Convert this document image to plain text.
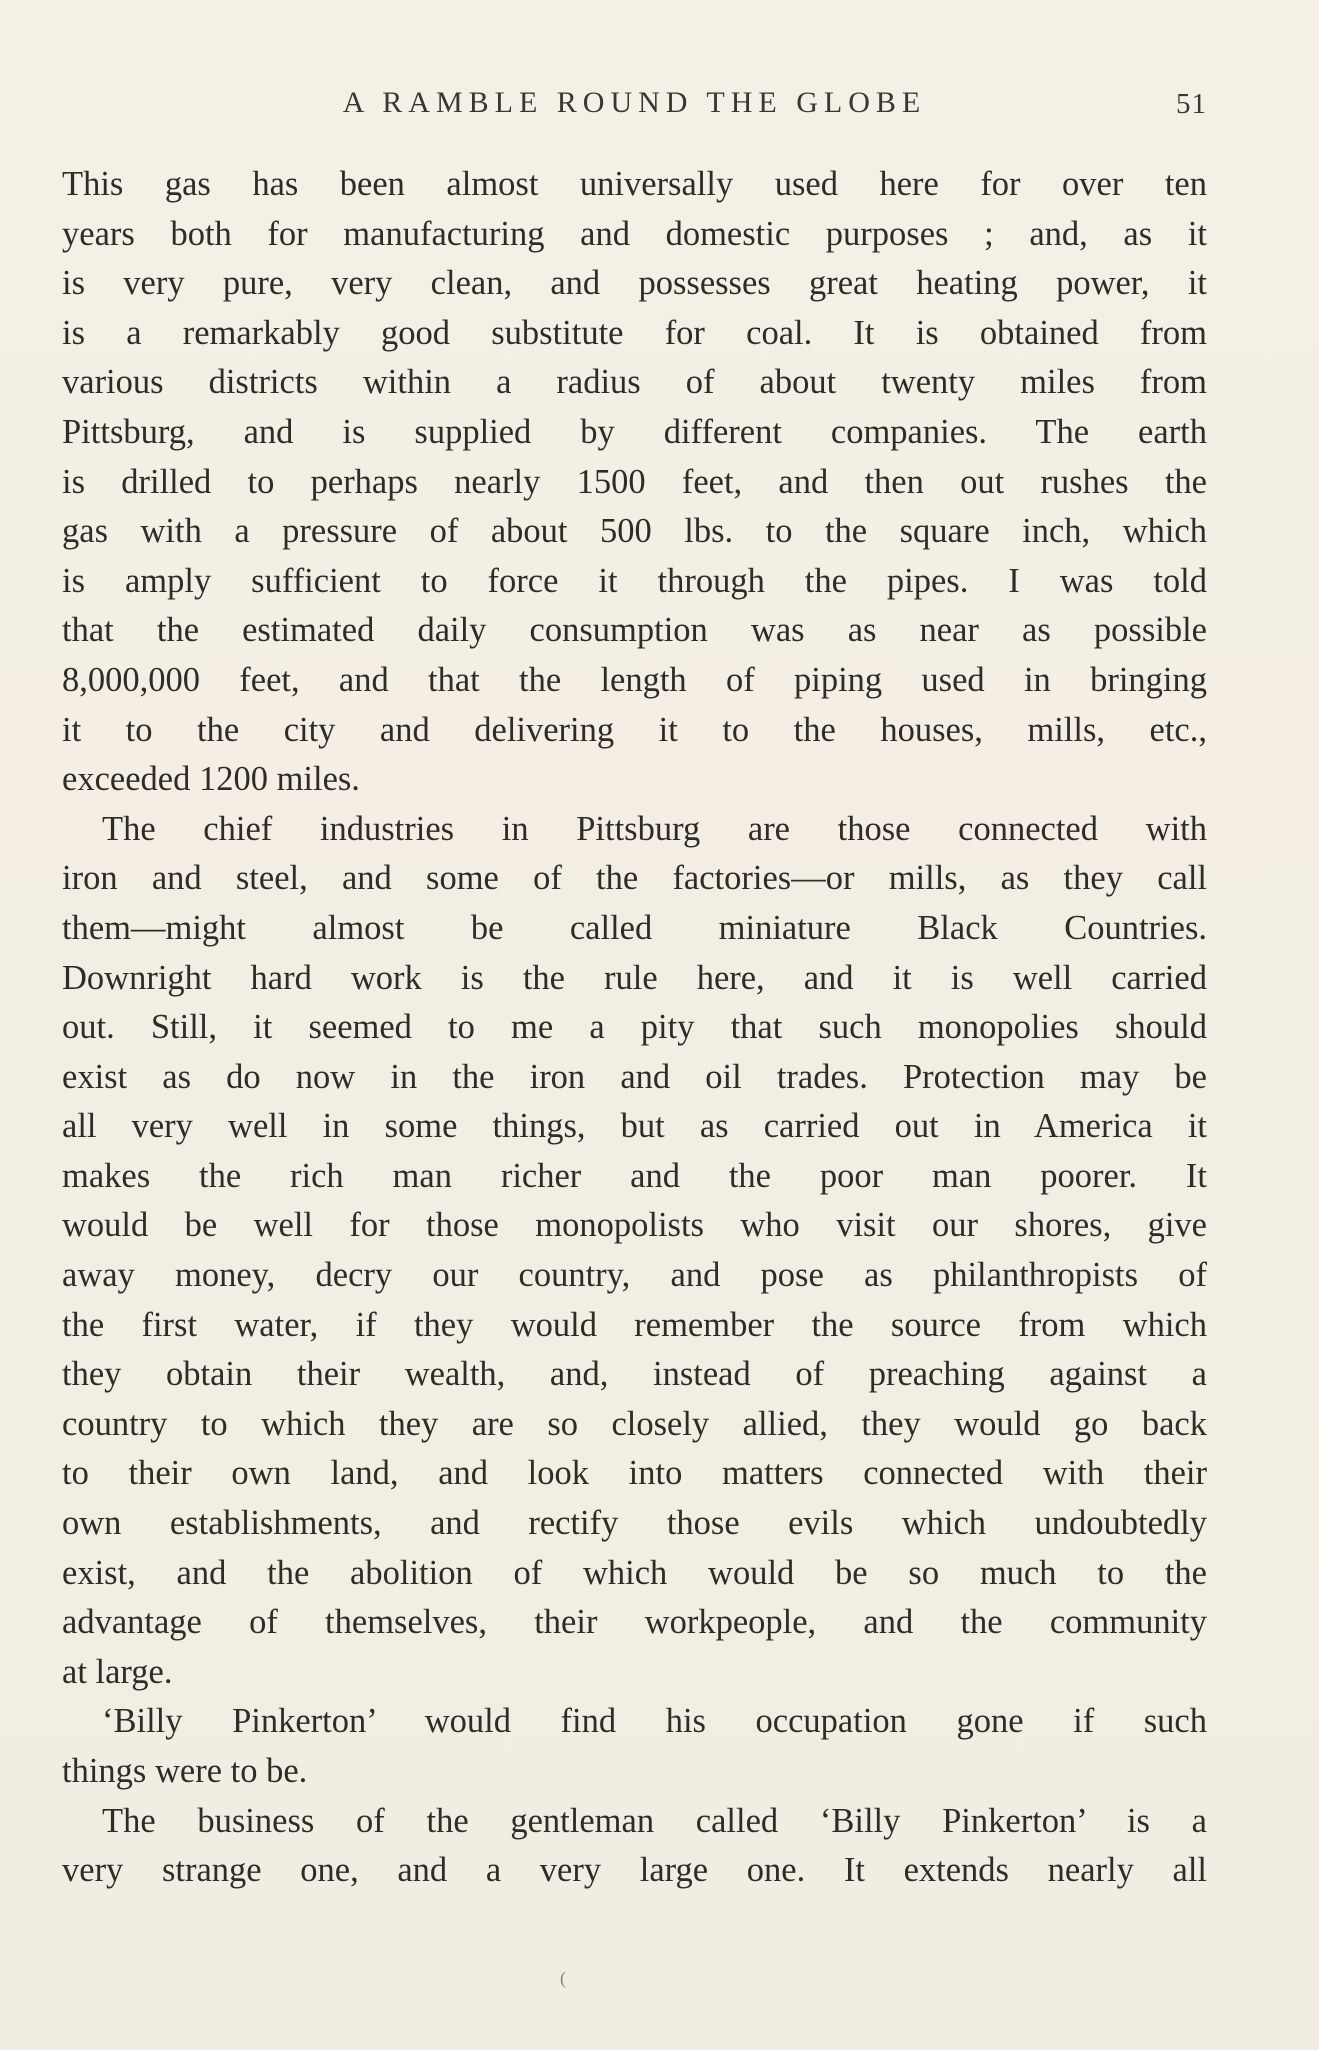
A RAMBLE ROUND THE GLOBE	51
This gas has been almost universally used here for over ten
years both for manufacturing and domestic purposes ; and, as it
is very pure, very clean, and possesses great heating power, it
is a remarkably good substitute for coal. It is obtained from
various districts within a radius of about twenty miles from
Pittsburg, and is supplied by different companies. The earth
is drilled to perhaps nearly 1500 feet, and then out rushes the
gas with a pressure of about 500 lbs. to the square inch, which
is amply sufficient to force it through the pipes. I was told
that the estimated daily consumption was as near as possible
8,000,000 feet, and that the length of piping used in bringing
it to the city and delivering it to the houses, mills, etc.,
exceeded 1200 miles.
The chief industries in Pittsburg are those connected with
iron and steel, and some of the factories—or mills, as they call
them—might almost be called miniature Black Countries.
Downright hard work is the rule here, and it is well carried
out. Still, it seemed to me a pity that such monopolies should
exist as do now in the iron and oil trades. Protection may be
all very well in some things, but as carried out in America it
makes the rich man richer and the poor man poorer. It
would be well for those monopolists who visit our shores, give
away money, decry our country, and pose as philanthropists of
the first water, if they would remember the source from which
they obtain their wealth, and, instead of preaching against a
country to which they are so closely allied, they would go back
to their own land, and look into matters connected with their
own establishments, and rectify those evils which undoubtedly
exist, and the abolition of which would be so much to the
advantage of themselves, their workpeople, and the community
at large.
‘Billy Pinkerton’ would find his occupation gone if such
things were to be.
The business of the gentleman called ‘Billy Pinkerton’ is a
very strange one, and a very large one. It extends nearly all
(
